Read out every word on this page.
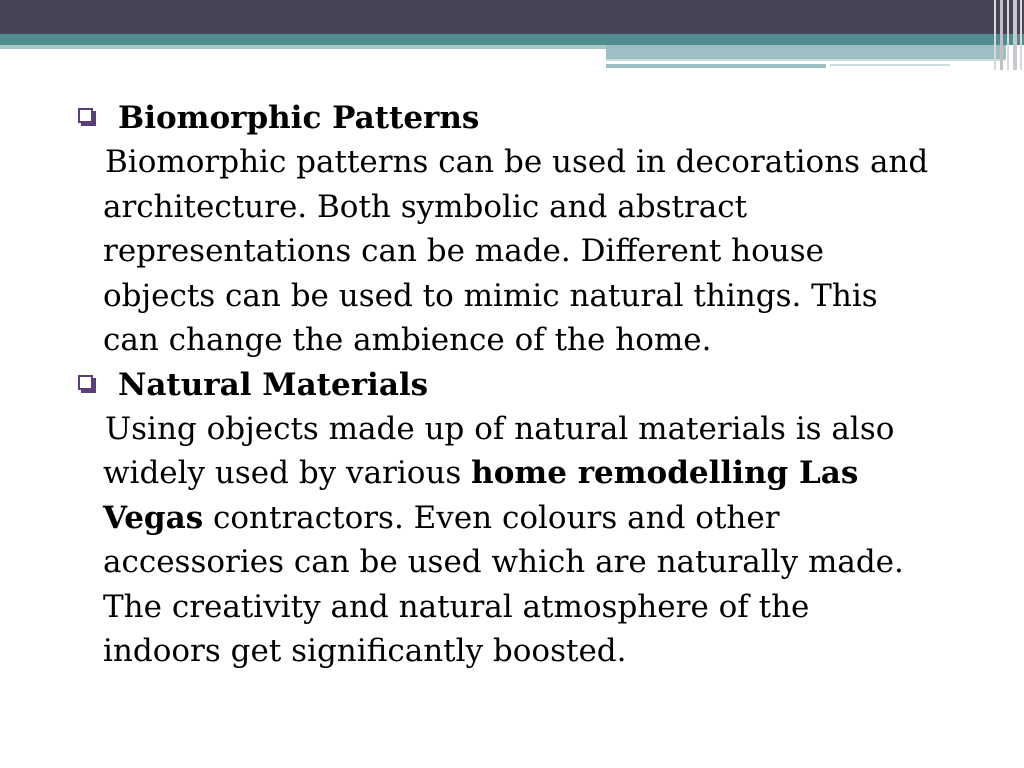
Biomorphic Patterns
Biomorphic patterns can be used in decorations and
architecture. Both symbolic and abstract
representations can be made. Different house
objects can be used to mimic natural things. This
can change the ambience of the home.
Natural Materials
Using objects made up of natural materials is also
widely used by various home remodelling Las
Vegas contractors. Even colours and other
accessories can be used which are naturally made.
The creativity and natural atmosphere of the
indoors get significantly boosted.
